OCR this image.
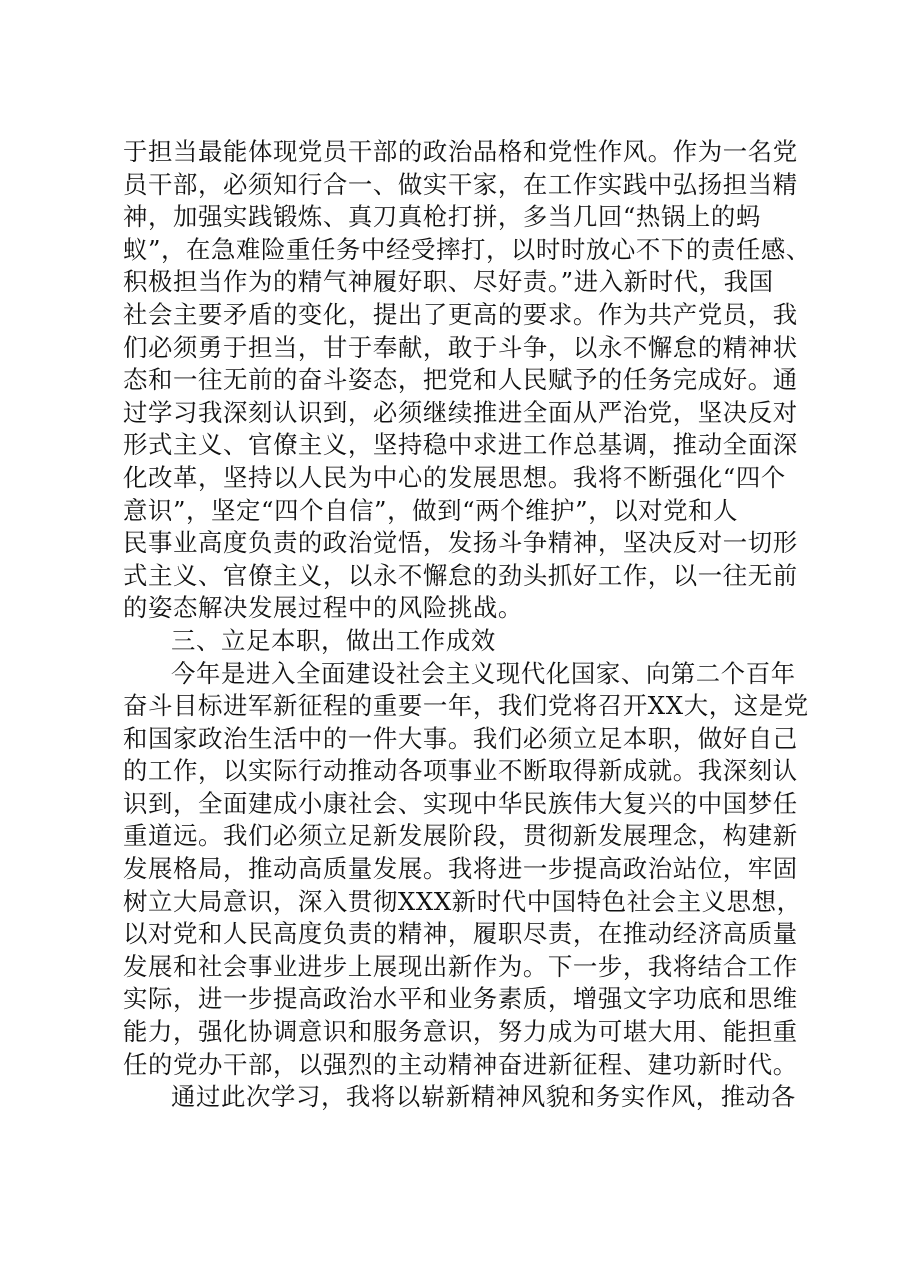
于担当最能体现党员干部的政治品格和党性作风。作为一名党
员干部，必须知行合一、做实干家，在工作实践中弘扬担当精
神，加强实践锻炼、真刀真枪打拼，多当几回“热锅上的蚂
蚁”，在急难险重任务中经受摔打，以时时放心不下的责任感、
积极担当作为的精气神履好职、尽好责。”进入新时代，我国
社会主要矛盾的变化，提出了更高的要求。作为共产党员，我
们必须勇于担当，甘于奉献，敢于斗争，以永不懈怠的精神状
态和一往无前的奋斗姿态，把党和人民赋予的任务完成好。通
过学习我深刻认识到，必须继续推进全面从严治党，坚决反对
形式主义、官僚主义，坚持稳中求进工作总基调，推动全面深
化改革，坚持以人民为中心的发展思想。我将不断强化“四个
意识”，坚定“四个自信”，做到“两个维护”，以对党和人
民事业高度负责的政治觉悟，发扬斗争精神，坚决反对一切形
式主义、官僚主义，以永不懈怠的劲头抓好工作，以一往无前
的姿态解决发展过程中的风险挑战。
三、立足本职，做出工作成效
今年是进入全面建设社会主义现代化国家、向第二个百年
奋斗目标进军新征程的重要一年，我们党将召开XX大，这是党
和国家政治生活中的一件大事。我们必须立足本职，做好自己
的工作，以实际行动推动各项事业不断取得新成就。我深刻认
识到，全面建成小康社会、实现中华民族伟大复兴的中国梦任
重道远。我们必须立足新发展阶段，贯彻新发展理念，构建新
发展格局，推动高质量发展。我将进一步提高政治站位，牢固
树立大局意识，深入贯彻XXX新时代中国特色社会主义思想，
以对党和人民高度负责的精神，履职尽责，在推动经济高质量
发展和社会事业进步上展现出新作为。下一步，我将结合工作
实际，进一步提高政治水平和业务素质，增强文字功底和思维
能力，强化协调意识和服务意识，努力成为可堪大用、能担重
任的党办干部，以强烈的主动精神奋进新征程、建功新时代。
通过此次学习，我将以崭新精神风貌和务实作风，推动各
